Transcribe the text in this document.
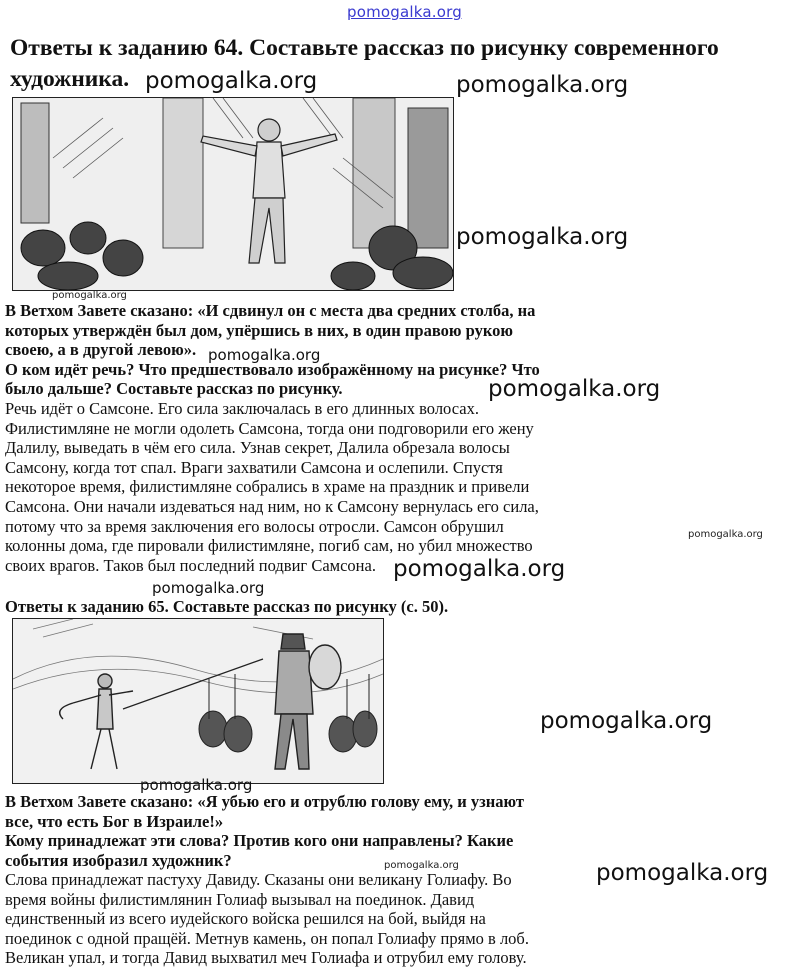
pomogalka.org

Ответы к заданию 64. Составьте рассказ по рисунку современного

художника.

pomogalka.org

В Ветхом Завете сказано: «И сдвинул он с места два средних столба, на

которых утверждён был дом, упёршись в них, в один правою рукою

своею, а в другой левою».

О ком идёт речь? Что предшествовало изображённому на рисунке? Что

было дальше? Составьте рассказ по рисунку.

Речь идёт о Самсоне. Его сила заключалась в его длинных волосах.

Филистимляне не могли одолеть Самсона, тогда они подговорили его жену

Далилу, выведать в чём его сила. Узнав секрет, Далила обрезала волосы

Самсону, когда тот спал. Враги захватили Самсона и ослепили. Спустя

некоторое время, филистимляне собрались в храме на праздник и привели

Самсона. Они начали издеваться над ним, но к Самсону вернулась его сила,

потому что за время заключения его волосы отросли. Самсон обрушил

колонны дома, где пировали филистимляне, погиб сам, но убил множество

своих врагов. Таков был последний подвиг Самсона.

Ответы к заданию 65. Составьте рассказ по рисунку (с. 50).

В Ветхом Завете сказано: «Я убью его и отрублю голову ему, и узнают

все, что есть Бог в Израиле!»

Кому принадлежат эти слова? Против кого они направлены? Какие

события изобразил художник?

Слова принадлежат пастуху Давиду. Сказаны они великану Голиафу. Во

время войны филистимлянин Голиаф вызывал на поединок. Давид

единственный из всего иудейского войска решился на бой, выйдя на

поединок с одной пращёй. Метнув камень, он попал Голиафу прямо в лоб.

Великан упал, и тогда Давид выхватил меч Голиафа и отрубил ему голову.

pomogalka.org	pomogalka.org
pomogalka.org
pomogalka.org
pomogalka.org
pomogalka.org
pomogalka.org
pomogalka.org
pomogalka.org
pomogalka.org
pomogalka.org	pomogalka.org
